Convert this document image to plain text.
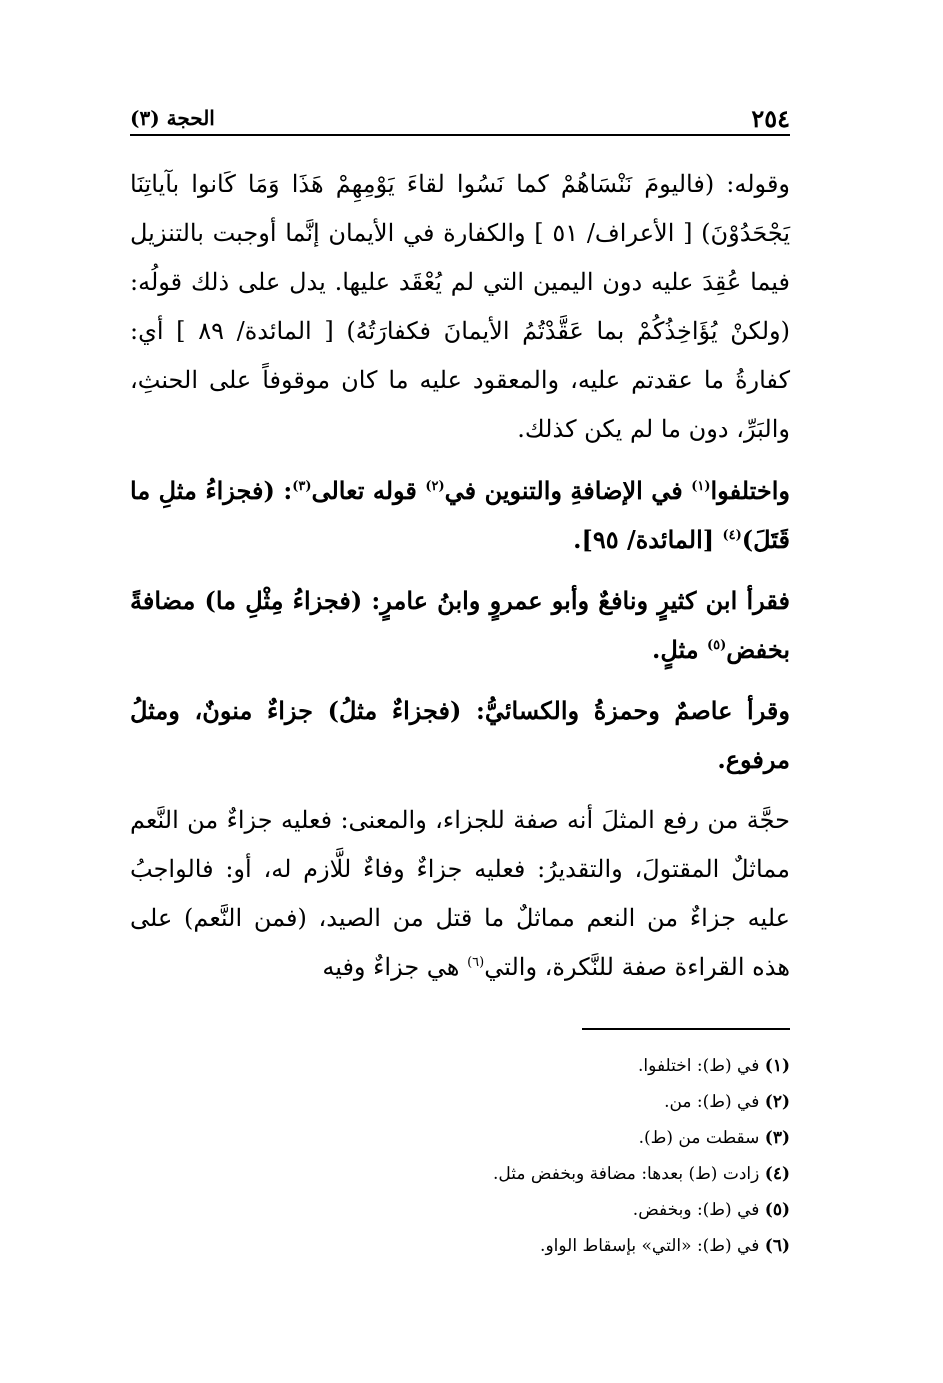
٢٥٤
الحجة (٣)

وقوله: (فاليومَ نَنْسَاهُمْ كما نَسُوا لقاءَ يَوْمِهِمْ هَذَا وَمَا كَانوا بآياتِنَا يَجْحَدُوْنَ) [ الأعراف/ ٥١ ] والكفارة في الأيمان إنَّما أوجبت بالتنزيل فيما عُقِدَ عليه دون اليمين التي لم يُعْقَد عليها. يدل على ذلك قولُه: (ولكنْ يُؤَاخِذُكُمْ بما عَقَّدْتُمُ الأيمانَ فكفارَتُهُ) [ المائدة/ ٨٩ ] أي: كفارةُ ما عقدتم عليه، والمعقود عليه ما كان موقوفاً على الحنثِ، والبَرِّ، دون ما لم يكن كذلك.

واختلفوا$^{(١)}$ في الإضافةِ والتنوين في$^{(٢)}$ قوله تعالى$^{(٣)}$: (فجزاءُ مثلِ ما قَتَلَ)$^{(٤)}$ [المائدة/ ٩٥].

فقرأ ابن كثيرٍ ونافعٌ وأبو عمروٍ وابنُ عامرٍ: (فجزاءُ مِثْلِ ما) مضافةً بخفض$^{(٥)}$ مثلٍ.

وقرأ عاصمٌ وحمزةُ والكسائيُّ: (فجزاءٌ مثلُ) جزاءٌ منونٌ، ومثلُ مرفوع.

حجَّة من رفع المثلَ أنه صفة للجزاء، والمعنى: فعليه جزاءٌ من النَّعم مماثلٌ المقتولَ، والتقديرُ: فعليه جزاءٌ وفاءٌ للَّازم له، أو: فالواجبُ عليه جزاءٌ من النعم مماثلٌ ما قتل من الصيد، (فمن النَّعم) على هذه القراءة صفة للنَّكرة، والتي$^{(٦)}$ هي جزاءٌ وفيه

(١) في (ط): اختلفوا.
(٢) في (ط): من.
(٣) سقطت من (ط).
(٤) زادت (ط) بعدها: مضافة وبخفض مثل.
(٥) في (ط): وبخفض.
(٦) في (ط): «التي» بإسقاط الواو.
